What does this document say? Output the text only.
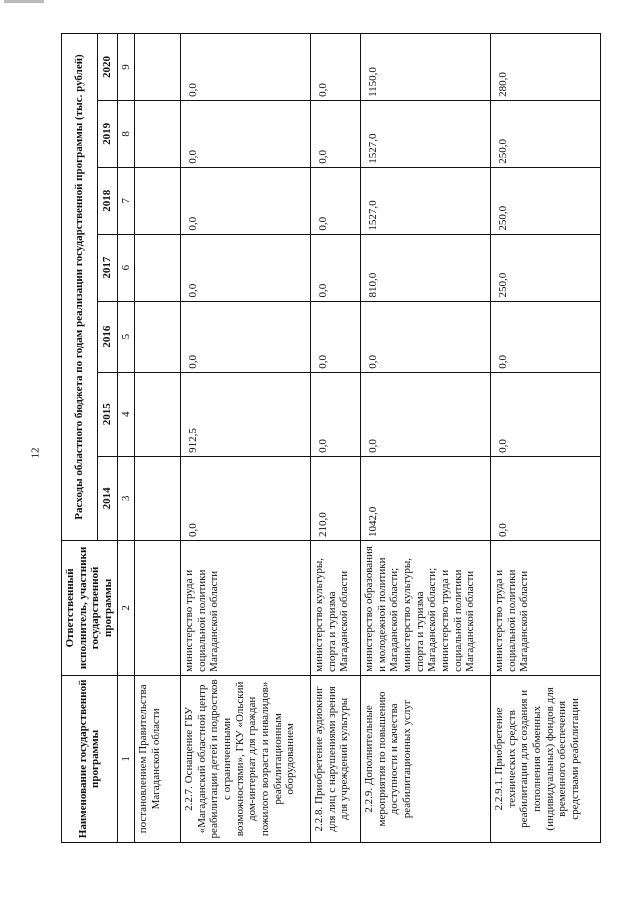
12
Наименование государственной программы	Ответственный исполнитель, участники государственной программы	Расходы областного бюджета по годам реализации государственной программы (тыс. рублей)						
		2014	2015	2016	2017	2018	2019	2020
1	2	3	4	5	6	7	8	9
постановлением Правительства Магаданской области								
2.2.7. Оснащение ГБУ «Магаданский областной центр реабилитации детей и подростков с ограниченными возможностями», ГКУ «Ольский дом-интернат для граждан пожилого возраста и инвалидов» реабилитационным оборудованием	министерство труда и социальной политики Магаданской области	0,0	912,5	0,0	0,0	0,0	0,0	0,0
2.2.8. Приобретение аудиокниг для лиц с нарушениями зрения для учреждений культуры	министерство культуры, спорта и туризма Магаданской области	210,0	0,0	0,0	0,0	0,0	0,0	0,0
2.2.9. Дополнительные мероприятия по повышению доступности и качества реабилитационных услуг	министерство образования и молодежной политики Магаданской области; министерство культуры, спорта и туризма Магаданской области; министерство труда и социальной политики Магаданской области	1042,0	0,0	0,0	810,0	1527,0	1527,0	1150,0
2.2.9.1. Приобретение технических средств реабилитации для создания и пополнения обменных (индивидуальных) фондов для временного обеспечения средствами реабилитации	министерство труда и социальной политики Магаданской области	0,0	0,0	0,0	250,0	250,0	250,0	280,0
